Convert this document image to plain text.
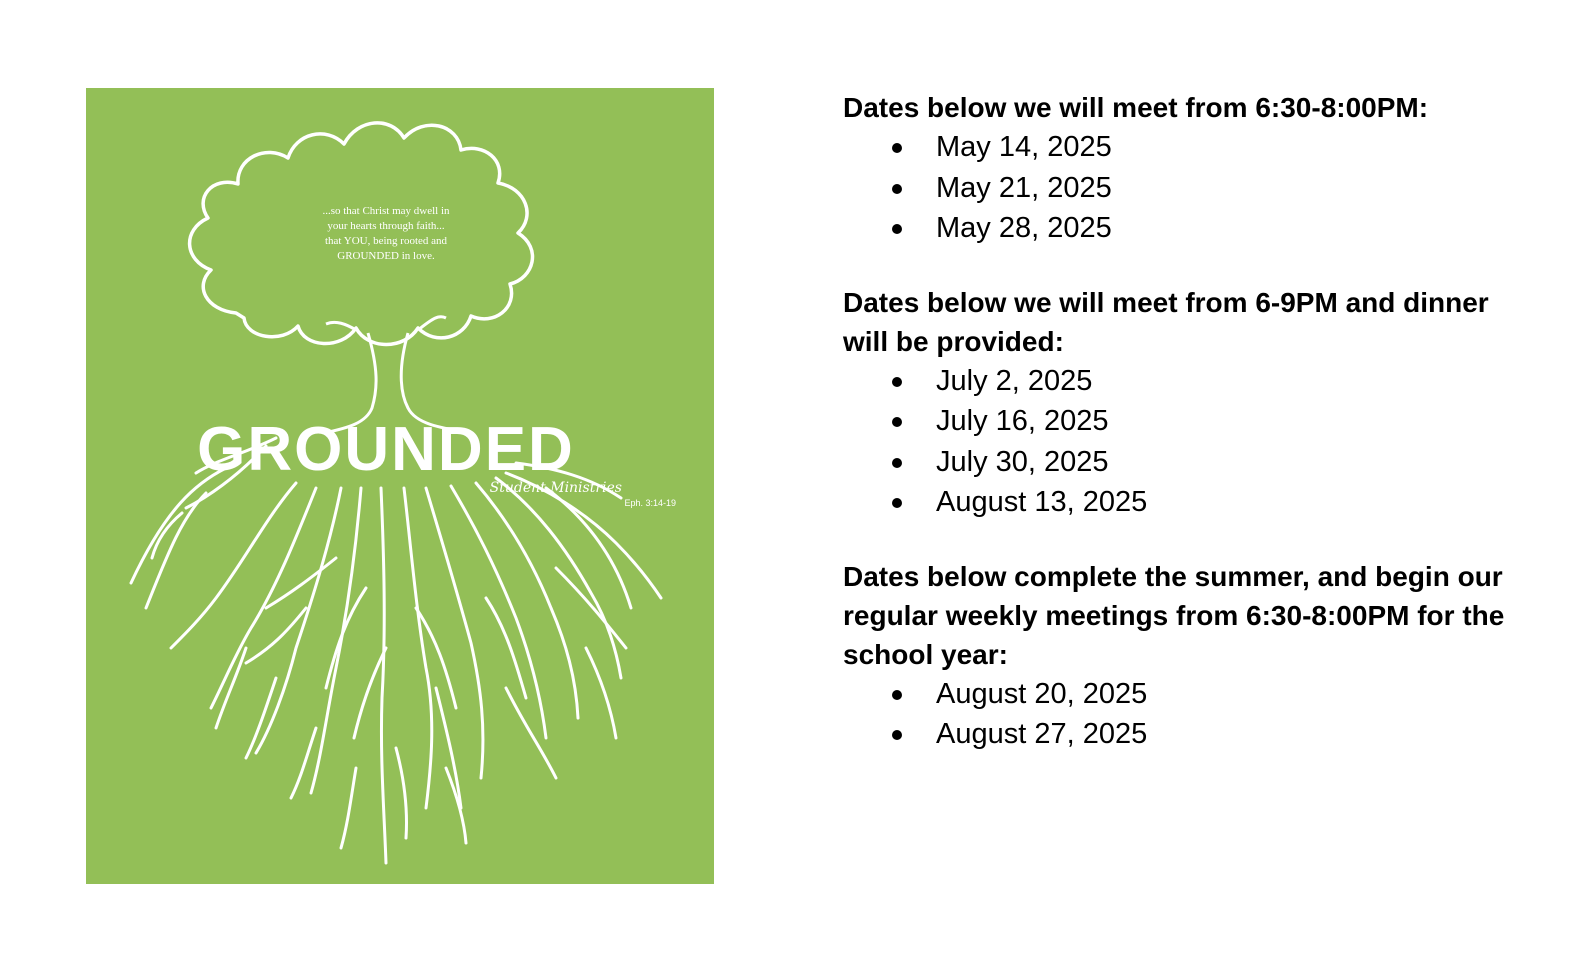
...so that Christ may dwell in
your hearts through faith...
that YOU, being rooted and
GROUNDED in love.
GROUNDED
Student Ministries
Eph. 3:14-19

Dates below we will meet from 6:30-8:00PM:

May 14, 2025
May 21, 2025
May 28, 2025

Dates below we will meet from 6-9PM and dinner will be provided:

July 2, 2025
July 16, 2025
July 30, 2025
August 13, 2025

Dates below complete the summer, and begin our regular weekly meetings from 6:30-8:00PM for the school year:

August 20, 2025
August 27, 2025
